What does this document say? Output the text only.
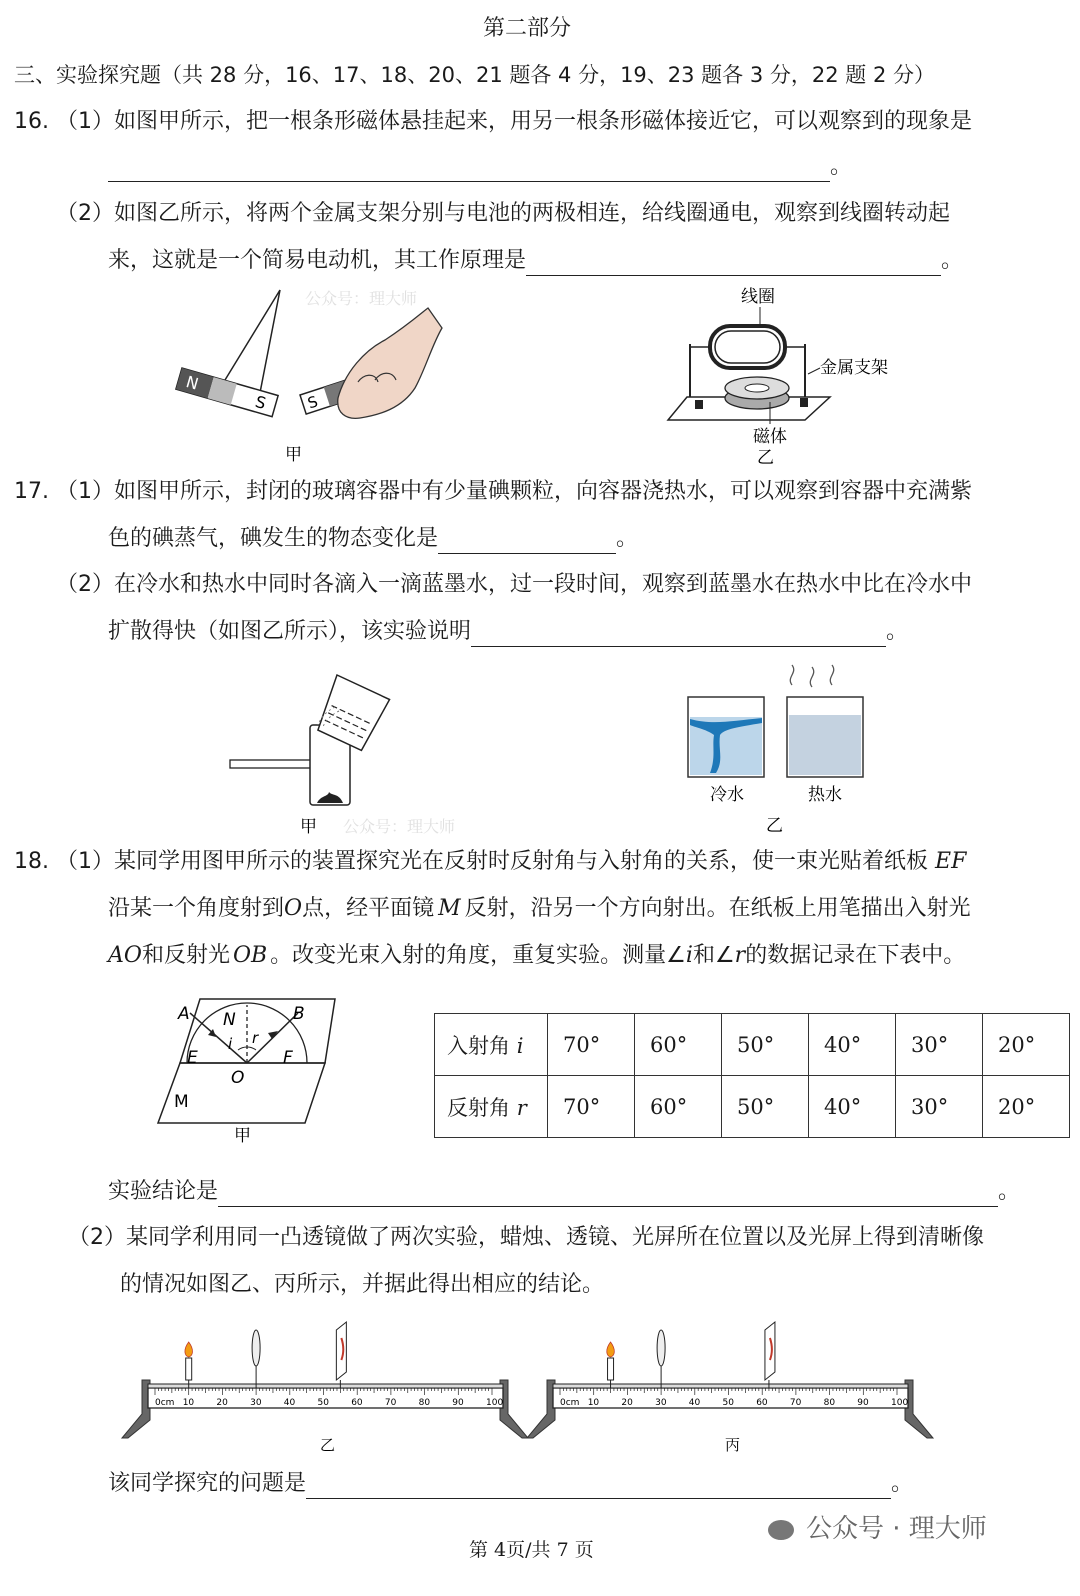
第二部分
三、实验探究题（共 28 分，16、17、18、20、21 题各 4 分，19、23 题各 3 分，22 题 2 分）
16. （1）如图甲所示，把一根条形磁体悬挂起来，用另一根条形磁体接近它，可以观察到的现象是
。
（2）如图乙所示，将两个金属支架分别与电池的两极相连，给线圈通电，观察到线圈转动起
来，这就是一个简易电动机，其工作原理是	。
N
S S
公众号：理大师
甲
线圈
金属支架
磁体
乙
17. （1）如图甲所示，封闭的玻璃容器中有少量碘颗粒，向容器浇热水，可以观察到容器中充满紫
色的碘蒸气，碘发生的物态变化是	。
（2）在冷水和热水中同时各滴入一滴蓝墨水，过一段时间，观察到蓝墨水在热水中比在冷水中
扩散得快（如图乙所示），该实验说明	。
甲 公众号：理大师
冷水	热水
乙
18. （1）某同学用图甲所示的装置探究光在反射时反射角与入射角的关系，使一束光贴着纸板 EF
沿某一个角度射到O点，经平面镜 M 反射，沿另一个方向射出。在纸板上用笔描出入射光
AO和反射光 OB 。改变光束入射的角度，重复实验。测量∠i和∠r的数据记录在下表中。
A N	B
E	F
O
i r
M
甲
入射角 i	70°	60°	50°	40°	30°	20°
反射角 r	70°	60°	50°	40°	30°	20°
实验结论是	。
（2）某同学利用同一凸透镜做了两次实验，蜡烛、透镜、光屏所在位置以及光屏上得到清晰像
的情况如图乙、丙所示，并据此得出相应的结论。
0cm 10 20 30 40 50 60 70 80 90 100
乙
0cm 10 20 30 40 50 60 70 80 90 100
丙
该同学探究的问题是	。
第 4页/共 7 页
公众号 · 理大师
